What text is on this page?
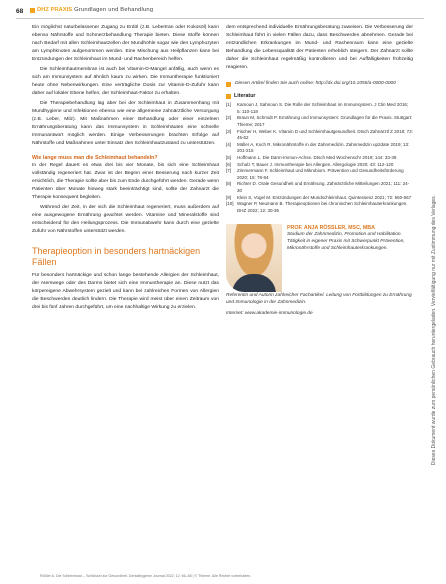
68 DHZ PRAXIS Grundlagen und Behandlung

Ein möglichst naturbelassener Zugang zu Erdöl (z.B. Lebertran oder Kokosöl) kann ebenso Nährstoffe und Schmerzbehandlung Therapie bieten. Diese Stoffe können nach Bedarf mit allen Schleimhautzellen der Mundhöhle sogar wie den Lymphozyten am Lymphknoten aufgenommen werden. Eine Mischung aus Heilpflanzen kann bei Entzündungen der Schleimhaut im Mund- und Rachenbereich helfen.

Die Schleimhautmembran ist auch bei Vitamin-D-Mangel anfällig, auch wenn es sich am Immunsystem auf ähnlich kaum zu wirken. Die Immuntherapie funktioniert heute ohne Nebenwirkungen. Eine verträgliche Dosis zur Vitamin-D-Zufuhr kann daher auf lokaler Ebene helfen, der Schleimhaut-Faktor zu erhalten.

Die Therapiebehandlung lag aber bei der Schleimhaut in Zusammenhang mit Mundhygiene und Infektionen ebenso wie eine allgemeine zahnärztliche Versorgung (z.B. Leber, Milz). Mit Maßnahmen einer Behandlung oder einer einzelnen Ernährungsberatung kann das Immunsystem in Schleimhäuten eine schnelle Immunantwort möglich werden. Einige Verbesserungen brachten Erfolge auf Nährstoffe und Maßnahmen unter Einsatz den Schleimhautzustand zu unterstützen.

Wie lange muss man die Schleimhaut behandeln?

In der Regel dauert es etwa drei bis vier Monate, bis sich eine Schleimhaut vollständig regeneriert hat. Zwar ist der Beginn einer Besserung nach kurzer Zeit ersichtlich, die Therapie sollte aber bis zum Ende durchgeführt werden. Gerade wenn Patienten über Monate hinweg stark beeinträchtigt sind, sollte der Zahnarzt die Therapie konsequent begleiten.

Während der Zeit, in der sich die Schleimhaut regeneriert, muss außerdem auf eine ausgewogene Ernährung geachtet werden. Vitamine und Mineralstoffe sind entscheidend für den Heilungsprozess. Die Immunabwehr kann durch eine gezielte Zufuhr von Nährstoffen unterstützt werden.

Therapieoption in besonders hartnäckigen Fällen

Für besonders hartnäckige und schon lange bestehende Allergien der Schleimhaut, der Atemwege oder des Darms bietet sich eine Immuntherapie an. Diese nutzt das körpereigene Abwehrsystem gezielt und kann bei zahlreichen Formen von Allergien die Beschwerden deutlich lindern. Die Therapie wird meist über einen Zeitraum von drei bis fünf Jahren durchgeführt, um eine nachhaltige Wirkung zu erzielen.

dem entsprechend individuelle Ernährungsberatung zuweisen. Die Verbesserung der Schleimhaut führt in vielen Fällen dazu, dass Beschwerden abnehmen. Gerade bei entzündlichen Erkrankungen im Mund- und Rachenraum kann eine gezielte Behandlung die Lebensqualität der Patienten erheblich steigern. Der Zahnarzt sollte daher die Schleimhaut regelmäßig kontrollieren und bei Auffälligkeiten frühzeitig reagieren.

Diesen Artikel finden Sie auch online: http://dx.doi.org/10.1055/a-0000-0000
Literatur
[1]	Kamoun J, Sahnoun S. Die Rolle der Schleimhaut im Immunsystem. J Clin Med 2016; 5: 110-118
[2]	Braun M, Schmidt P. Ernährung und Immunsystem: Grundlagen für die Praxis. Stuttgart: Thieme; 2017
[3]	Fischer H, Weber K. Vitamin D und Schleimhautgesundheit. Dtsch Zahnärztl Z 2018; 73: 45-52
[4]	Müller A, Koch R. Mikronährstoffe in der Zahnmedizin. Zahnmedizin up2date 2019; 13: 201-215
[5]	Hoffmann L. Die Darm-Immun-Achse. Dtsch Med Wochenschr 2019; 144: 33-39
[6]	Schulz T, Bauer J. Immuntherapie bei Allergien. Allergologie 2020; 43: 112-120
[7]	Zimmermann F. Schleimhaut und Mikrobiom. Prävention und Gesundheitsförderung 2020; 15: 78-84
[8]	Richter D. Orale Gesundheit und Ernährung. Zahnärztliche Mitteilungen 2021; 111: 24-30
[9]	Klein S, Vogel M. Entzündungen der Mundschleimhaut. Quintessenz 2021; 72: 560-567
[10] Wagner P, Neumann B. Therapieoptionen bei chronischen Schleimhauterkrankungen. DHZ 2022; 12: 30-36
PROF. ANJA RÖSSLER, MSC, MBA
Studium der Zahnmedizin, Promotion und Habilitation. Tätigkeit in eigener Praxis mit Schwerpunkt Prävention, Mikronährstoffe und Schleimhauterkrankungen.
Referentin und Autorin zahlreicher Fachartikel. Leitung von Fortbildungen zu Ernährung und Immunologie in der Zahnmedizin.
Internet: www.akademie-immunologie.de	Dieses Dokument wurde zum persönlichen Gebrauch heruntergeladen. Vervielfältigung nur mit Zustimmung des Verlages.
Rößler A. Die Schleimhaut – Schlüssel zur Gesundheit. Dentalhygiene Journal 2022; 12: 66–68 | © Thieme. Alle Rechte vorbehalten.
